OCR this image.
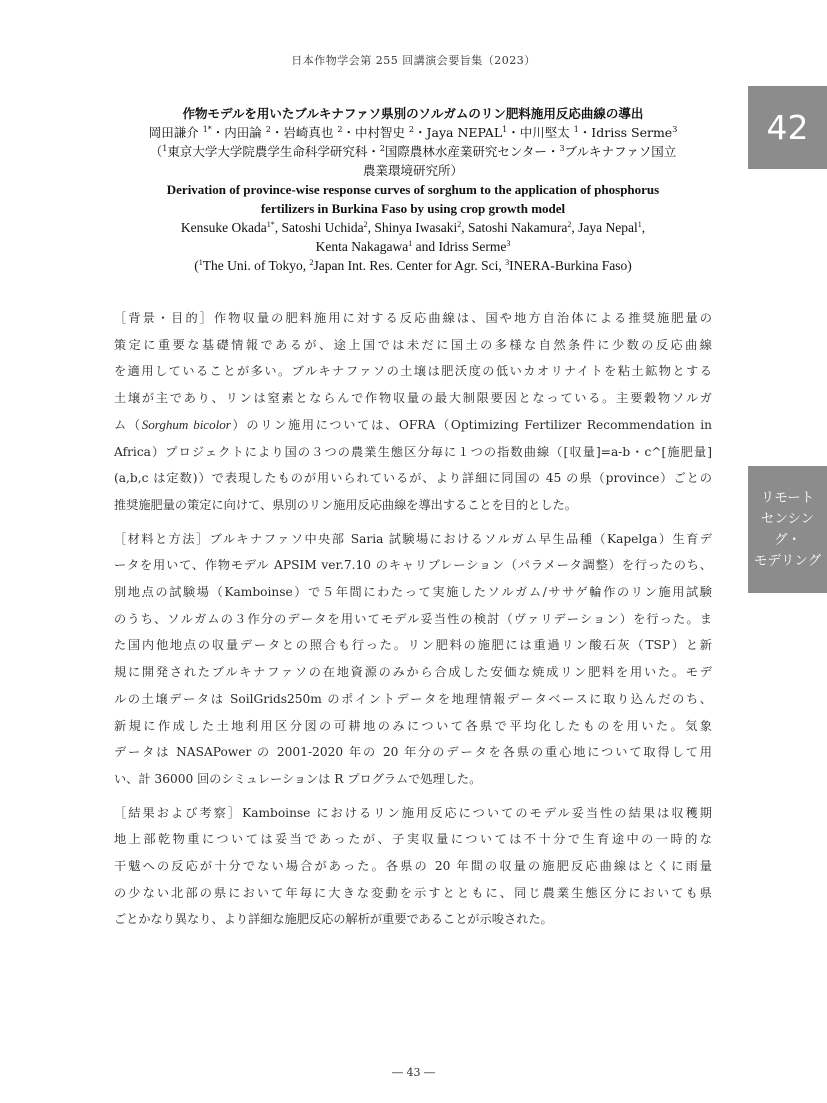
日本作物学会第 255 回講演会要旨集（2023）
42
リモート
センシング・
モデリング
作物モデルを用いたブルキナファソ県別のソルガムのリン肥料施用反応曲線の導出
岡田謙介 $^{1*}$・内田論 $^2$・岩崎真也 $^2$・中村智史 $^2$・Jaya NEPAL$^1$・中川堅太 $^1$・Idriss Serme$^3$
（$^1$東京大学大学院農学生命科学研究科・$^2$国際農林水産業研究センター・$^3$ブルキナファソ国立
農業環境研究所）
Derivation of province-wise response curves of sorghum to the application of phosphorus
fertilizers in Burkina Faso by using crop growth model
Kensuke Okada$^{1*}$, Satoshi Uchida$^2$, Shinya Iwasaki$^2$, Satoshi Nakamura$^2$, Jaya Nepal$^1$,
Kenta Nakagawa$^1$ and Idriss Serme$^3$
($^1$The Uni. of Tokyo, $^2$Japan Int. Res. Center for Agr. Sci, $^3$INERA-Burkina Faso)

［背景・目的］作物収量の肥料施用に対する反応曲線は、国や地方自治体による推奨施肥量の
策定に重要な基礎情報であるが、途上国では未だに国土の多様な自然条件に少数の反応曲線
を適用していることが多い。ブルキナファソの土壌は肥沃度の低いカオリナイトを粘土鉱物とする
土壌が主であり、リンは窒素とならんで作物収量の最大制限要因となっている。主要穀物ソルガ
ム（Sorghum bicolor）のリン施用については、OFRA（Optimizing Fertilizer Recommendation in
Africa）プロジェクトにより国の３つの農業生態区分毎に１つの指数曲線（[収量]=a-b・c^[施肥量]
(a,b,c は定数)）で表現したものが用いられているが、より詳細に同国の 45 の県（province）ごとの
推奨施肥量の策定に向けて、県別のリン施用反応曲線を導出することを目的とした。

［材料と方法］ブルキナファソ中央部 Saria 試験場におけるソルガム早生品種（Kapelga）生育デ
ータを用いて、作物モデル APSIM ver.7.10 のキャリブレーション（パラメータ調整）を行ったのち、
別地点の試験場（Kamboinse）で５年間にわたって実施したソルガム/ササゲ輪作のリン施用試験
のうち、ソルガムの３作分のデータを用いてモデル妥当性の検討（ヴァリデーション）を行った。ま
た国内他地点の収量データとの照合も行った。リン肥料の施肥には重過リン酸石灰（TSP）と新
規に開発されたブルキナファソの在地資源のみから合成した安価な焼成リン肥料を用いた。モデ
ルの土壌データは SoilGrids250m のポイントデータを地理情報データベースに取り込んだのち、
新規に作成した土地利用区分図の可耕地のみについて各県で平均化したものを用いた。気象
データは NASAPower の 2001-2020 年の 20 年分のデータを各県の重心地について取得して用
い、計 36000 回のシミュレーションは R プログラムで処理した。

［結果および考察］Kamboinse におけるリン施用反応についてのモデル妥当性の結果は収穫期
地上部乾物重については妥当であったが、子実収量については不十分で生育途中の一時的な
干魃への反応が十分でない場合があった。各県の 20 年間の収量の施肥反応曲線はとくに雨量
の少ない北部の県において年毎に大きな変動を示すとともに、同じ農業生態区分においても県
ごとかなり異なり、より詳細な施肥反応の解析が重要であることが示唆された。

― 43 ―
